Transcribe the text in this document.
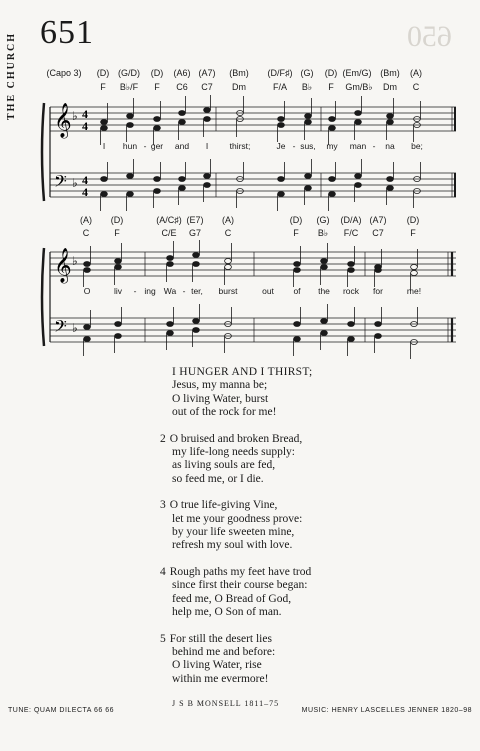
651	650
THE CHURCH	(Capo 3) (D) (G/D) (D) (A6) (A7) (Bm) (D/F♯) (G) (D) (Em/G) (Bm) (A)
F B♭/F F C6 C7 Dm	F/A B♭ F Gm/B♭ Dm C
𝄞
𝄢
♭
♭
4
4
4
4
I hun - ger and I	thirst;	Je - sus, my man - na be;
(A) (D)	(A/C♯) (E7) (A)	(D) (G) (D/A) (A7) (D)
C	F	C/E G7	C	F B♭ F/C C7	F
𝄞
𝄢
♭
♭
O	liv - ing Wa - ter, burst	out of the rock for	me!
I HUNGER AND I THIRST;
Jesus, my manna be;
O living Water, burst
out of the rock for me!
2 O bruised and broken Bread,
my life-long needs supply:
as living souls are fed,
so feed me, or I die.
3 O true life-giving Vine,
let me your goodness prove:
by your life sweeten mine,
refresh my soul with love.
4 Rough paths my feet have trod
since first their course began:
feed me, O Bread of God,
help me, O Son of man.
5 For still the desert lies
behind me and before:
O living Water, rise
within me evermore!
J S B MONSELL 1811–75
TUNE: QUAM DILECTA 66 66	MUSIC: HENRY LASCELLES JENNER 1820–98
